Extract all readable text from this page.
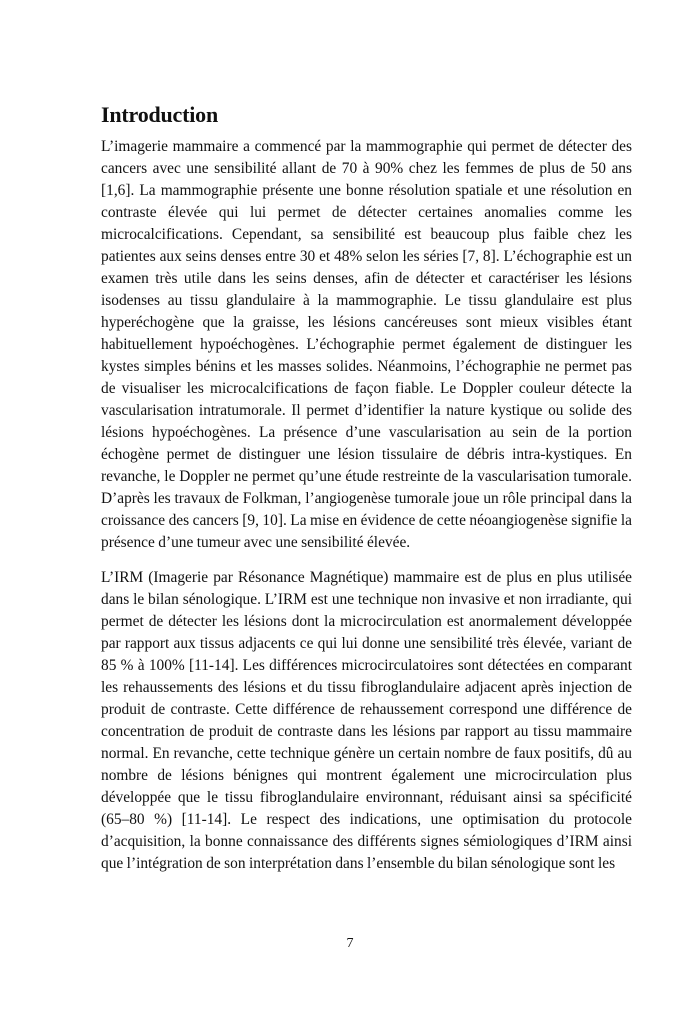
Introduction

L’imagerie mammaire a commencé par la mammographie qui permet de détecter des cancers avec une sensibilité allant de 70 à 90% chez les femmes de plus de 50 ans [1,6]. La mammographie présente une bonne résolution spatiale et une résolution en contraste élevée qui lui permet de détecter certaines anomalies comme les microcalcifications. Cependant, sa sensibilité est beaucoup plus faible chez les patientes aux seins denses entre 30 et 48% selon les séries [7, 8]. L’échographie est un examen très utile dans les seins denses, afin de détecter et caractériser les lésions isodenses au tissu glandulaire à la mammographie. Le tissu glandulaire est plus hyperéchogène que la graisse, les lésions cancéreuses sont mieux visibles étant habituellement hypoéchogènes. L’échographie permet également de distinguer les kystes simples bénins et les masses solides. Néanmoins, l’échographie ne permet pas de visualiser les microcalcifications de façon fiable. Le Doppler couleur détecte la vascularisation intratumorale. Il permet d’identifier la nature kystique ou solide des lésions hypoéchogènes. La présence d’une vascularisation au sein de la portion échogène permet de distinguer une lésion tissulaire de débris intra-kystiques. En revanche, le Doppler ne permet qu’une étude restreinte de la vascularisation tumorale. D’après les travaux de Folkman, l’angiogenèse tumorale joue un rôle principal dans la croissance des cancers [9, 10]. La mise en évidence de cette néoangiogenèse signifie la présence d’une tumeur avec une sensibilité élevée.

L’IRM (Imagerie par Résonance Magnétique) mammaire est de plus en plus utilisée dans le bilan sénologique. L’IRM est une technique non invasive et non irradiante, qui permet de détecter les lésions dont la microcirculation est anormalement développée par rapport aux tissus adjacents ce qui lui donne une sensibilité très élevée, variant de 85 % à 100% [11-14]. Les différences microcirculatoires sont détectées en comparant les rehaussements des lésions et du tissu fibroglandulaire adjacent après injection de produit de contraste. Cette différence de rehaussement correspond une différence de concentration de produit de contraste dans les lésions par rapport au tissu mammaire normal. En revanche, cette technique génère un certain nombre de faux positifs, dû au nombre de lésions bénignes qui montrent également une microcirculation plus développée que le tissu fibroglandulaire environnant, réduisant ainsi sa spécificité (65–80 %) [11-14]. Le respect des indications, une optimisation du protocole d’acquisition, la bonne connaissance des différents signes sémiologiques d’IRM ainsi que l’intégration de son interprétation dans l’ensemble du bilan sénologique sont les

7
